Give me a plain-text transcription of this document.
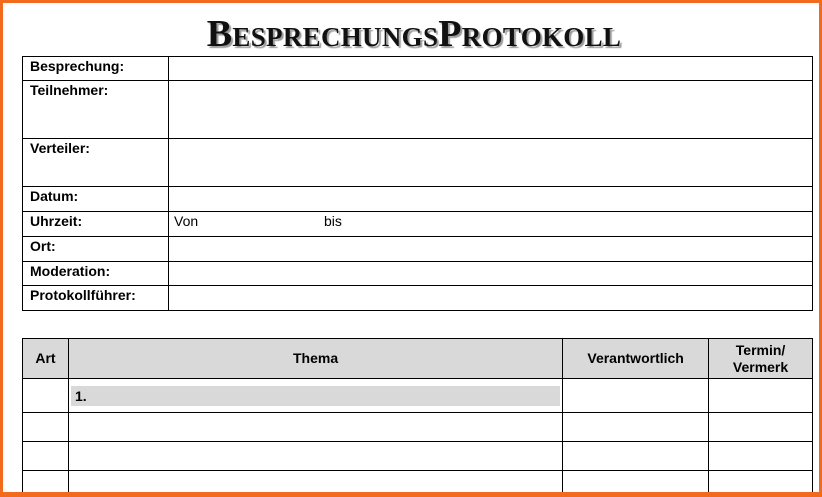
BESPRECHUNGSPROTOKOLL
Besprechung:	
Teilnehmer:	
Verteiler:	
Datum:	
Uhrzeit:	Von bis

Ort:	
Moderation:	
Protokollführer:	
Art	Thema	Verantwortlich	Termin/
Vermerk

	1.		
